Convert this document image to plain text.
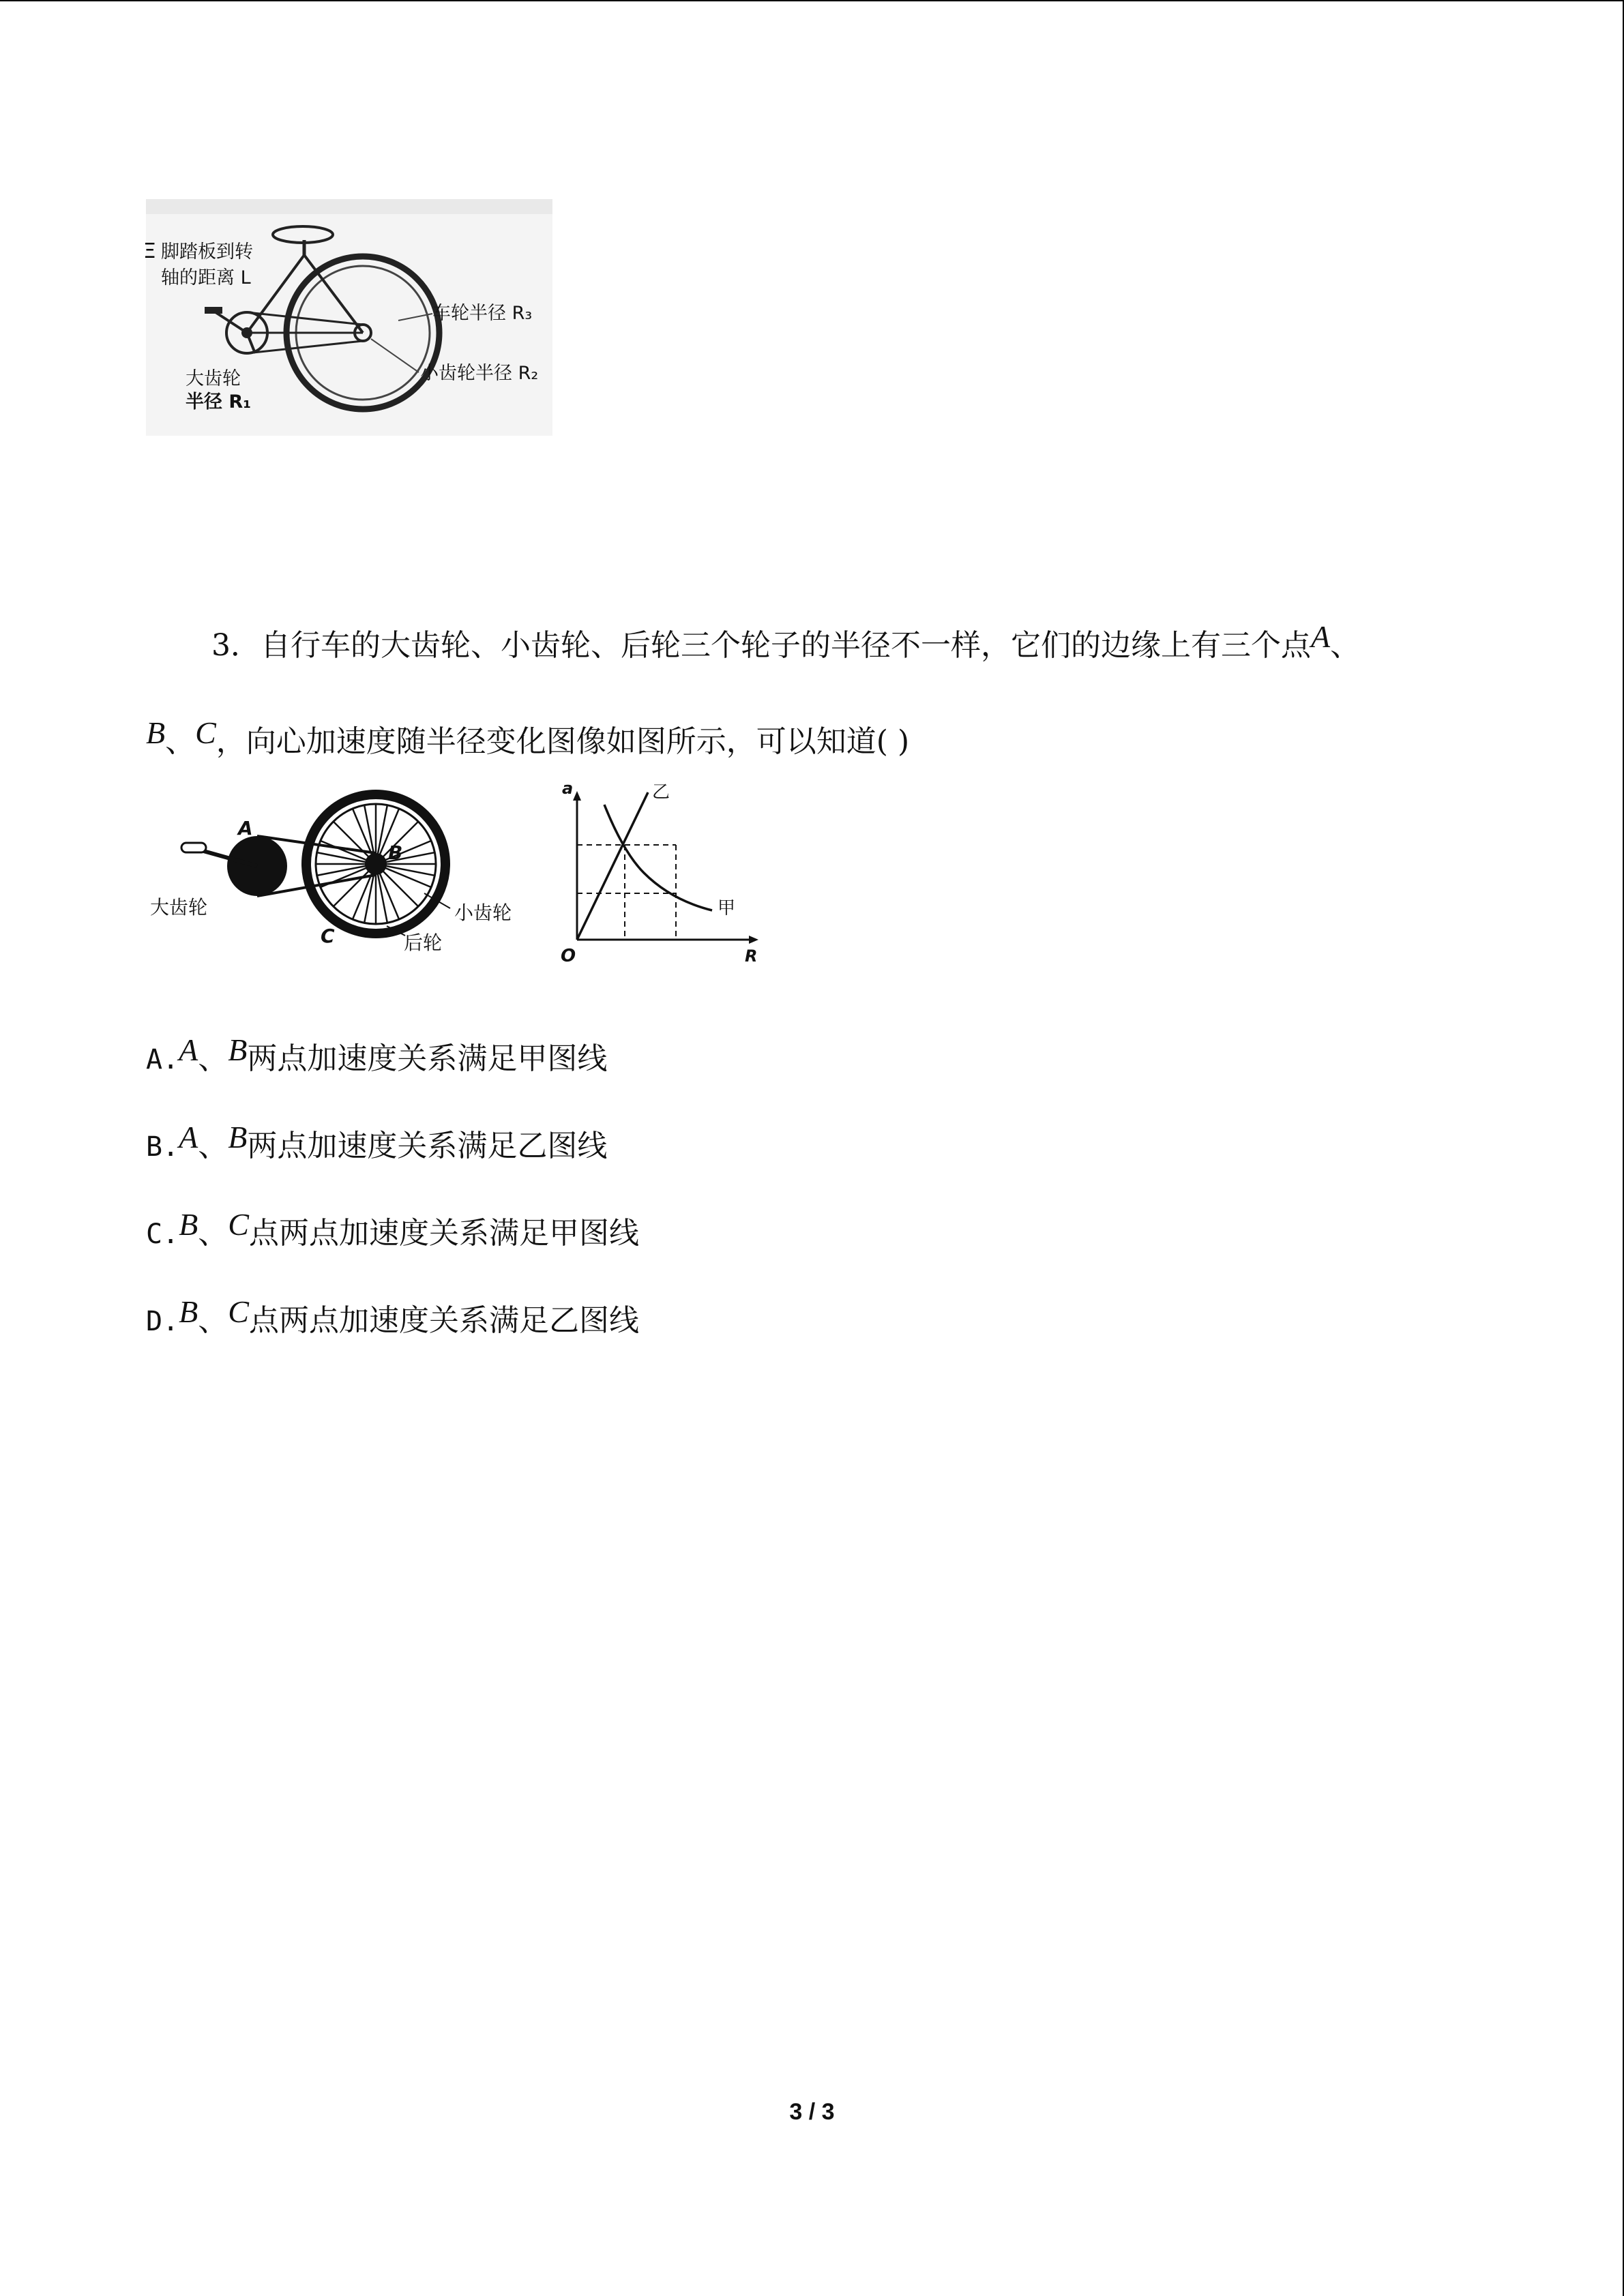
Ξ 脚踏板到转
轴的距离 L
车轮半径 R₃
小齿轮半径 R₂
大齿轮
半径 R₁
3．自行车的大齿轮、小齿轮、后轮三个轮子的半径不一样，它们的边缘上有三个点A、
B、C，向心加速度随半径变化图像如图所示，可以知道( )
A
B
C
大齿轮	小齿轮
后轮
a
R
O
甲
乙
A.A、B两点加速度关系满足甲图线
B.A、B两点加速度关系满足乙图线
C.B、C点两点加速度关系满足甲图线
D.B、C点两点加速度关系满足乙图线
3 / 3
